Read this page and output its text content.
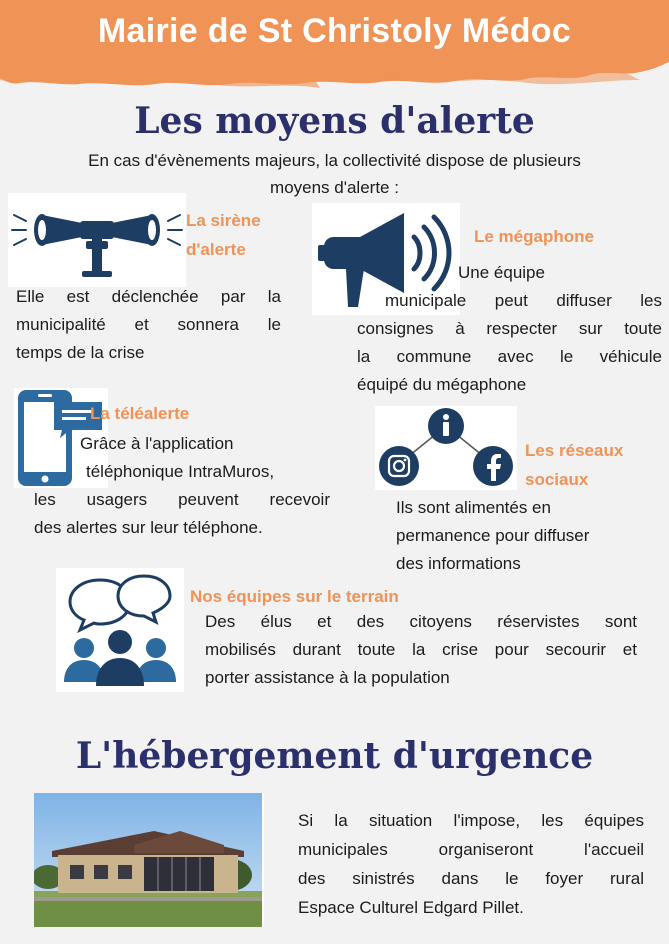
Mairie de St Christoly Médoc
Les moyens d'alerte
En cas d'évènements majeurs, la collectivité dispose de plusieurs
moyens d'alerte :
La sirène
d'alerte
Elle est déclenchée par la
municipalité et sonnera le
temps de la crise
Le mégaphone
Une équipe
municipale peut diffuser les
consignes à respecter sur toute
la commune avec le véhicule
équipé du mégaphone
La téléalerte
Grâce à l'application
téléphonique IntraMuros,
les usagers peuvent recevoir
des alertes sur leur téléphone.
Les réseaux
sociaux
Ils sont alimentés en
permanence pour diffuser
des informations
Nos équipes sur le terrain
Des élus et des citoyens réservistes sont
mobilisés durant toute la crise pour secourir et
porter assistance à la population
L'hébergement d'urgence
Si la situation l'impose, les équipes
municipales organiseront l'accueil
des sinistrés dans le foyer rural
Espace Culturel Edgard Pillet.
